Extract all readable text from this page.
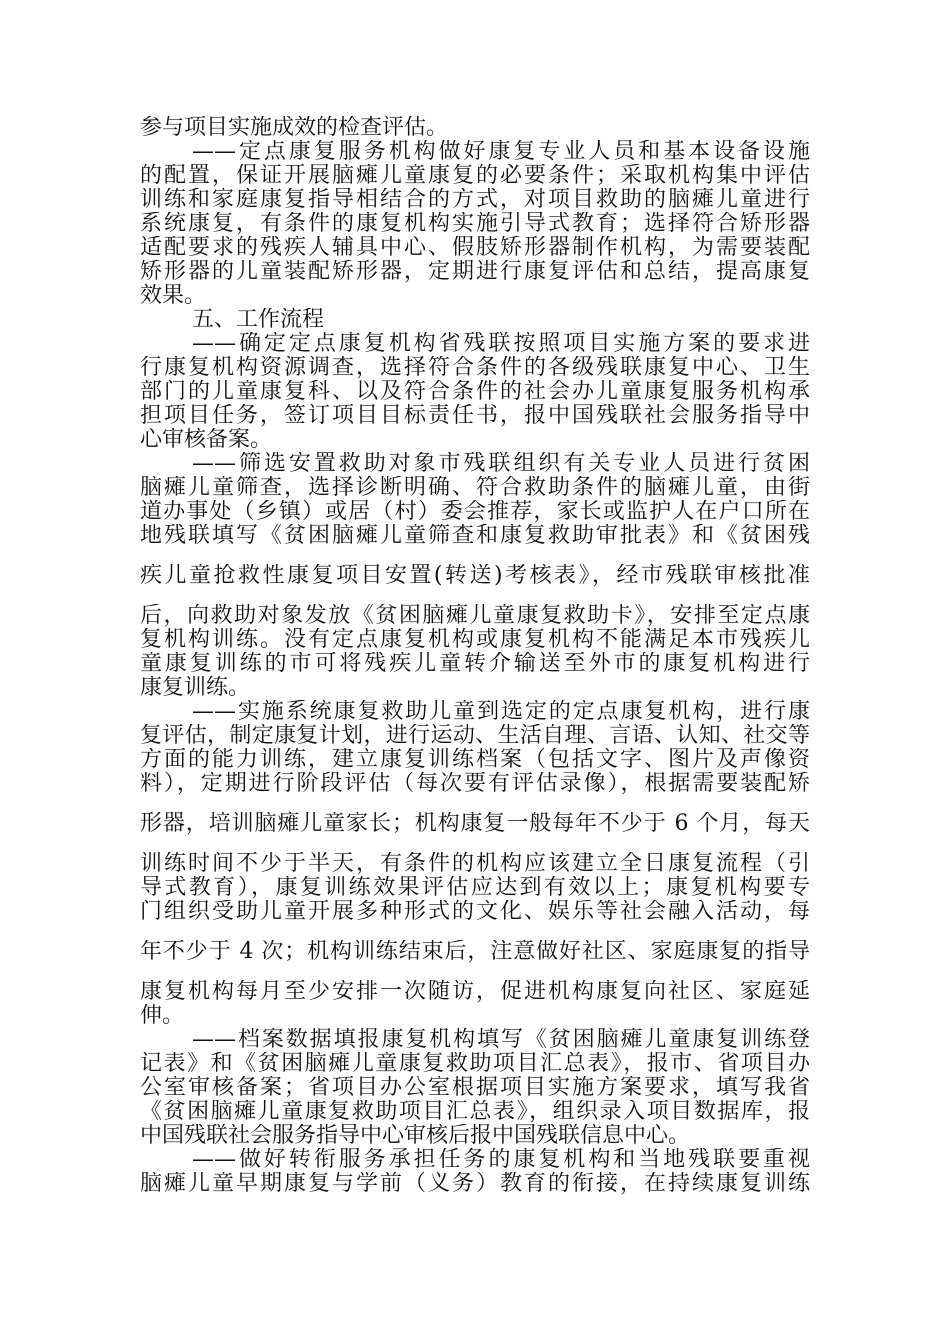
参与项目实施成效的检查评估。
——定点康复服务机构做好康复专业人员和基本设备设施
的配置，保证开展脑瘫儿童康复的必要条件；采取机构集中评估
训练和家庭康复指导相结合的方式，对项目救助的脑瘫儿童进行
系统康复，有条件的康复机构实施引导式教育；选择符合矫形器
适配要求的残疾人辅具中心、假肢矫形器制作机构，为需要装配
矫形器的儿童装配矫形器，定期进行康复评估和总结，提高康复
效果。
五、工作流程
——确定定点康复机构省残联按照项目实施方案的要求进
行康复机构资源调查，选择符合条件的各级残联康复中心、卫生
部门的儿童康复科、以及符合条件的社会办儿童康复服务机构承
担项目任务，签订项目目标责任书，报中国残联社会服务指导中
心审核备案。
——筛选安置救助对象市残联组织有关专业人员进行贫困
脑瘫儿童筛查，选择诊断明确、符合救助条件的脑瘫儿童，由街
道办事处（乡镇）或居（村）委会推荐，家长或监护人在户口所在
地残联填写《贫困脑瘫儿童筛查和康复救助审批表》和《贫困残
疾儿童抢救性康复项目安置(转送)考核表》，经市残联审核批准
后，向救助对象发放《贫困脑瘫儿童康复救助卡》，安排至定点康
复机构训练。没有定点康复机构或康复机构不能满足本市残疾儿
童康复训练的市可将残疾儿童转介输送至外市的康复机构进行
康复训练。
——实施系统康复救助儿童到选定的定点康复机构，进行康
复评估，制定康复计划，进行运动、生活自理、言语、认知、社交等
方面的能力训练，建立康复训练档案（包括文字、图片及声像资
料），定期进行阶段评估（每次要有评估录像），根据需要装配矫
形器，培训脑瘫儿童家长；机构康复一般每年不少于 6 个月，每天
训练时间不少于半天，有条件的机构应该建立全日康复流程（引
导式教育），康复训练效果评估应达到有效以上；康复机构要专
门组织受助儿童开展多种形式的文化、娱乐等社会融入活动，每
年不少于 4 次；机构训练结束后，注意做好社区、家庭康复的指导
康复机构每月至少安排一次随访，促进机构康复向社区、家庭延
伸。
——档案数据填报康复机构填写《贫困脑瘫儿童康复训练登
记表》和《贫困脑瘫儿童康复救助项目汇总表》，报市、省项目办
公室审核备案；省项目办公室根据项目实施方案要求，填写我省
《贫困脑瘫儿童康复救助项目汇总表》，组织录入项目数据库，报
中国残联社会服务指导中心审核后报中国残联信息中心。
——做好转衔服务承担任务的康复机构和当地残联要重视
脑瘫儿童早期康复与学前（义务）教育的衔接，在持续康复训练
